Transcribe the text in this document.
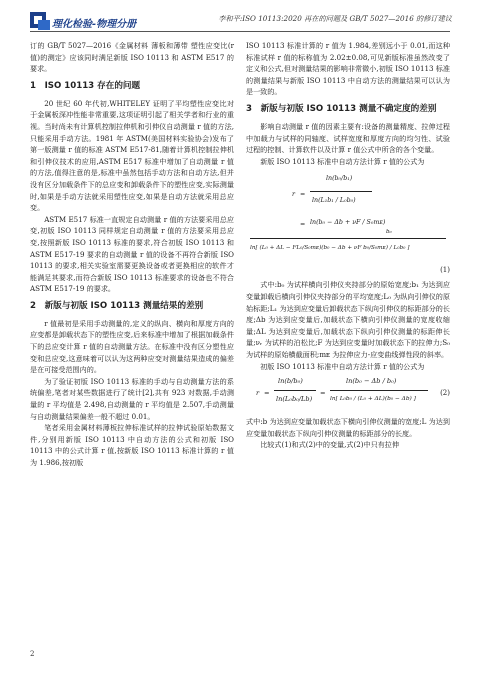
理化检验-物理分册
李和平:ISO 10113:2020 再在的问题及 GB/T 5027—2016 的修订建议

订的 GB/T 5027—2016《金属材料 薄板和薄带 塑性应变比(r 值)的测定》应该同时满足新版 ISO 10113 和 ASTM E517 的要求。

1　ISO 10113 存在的问题

20 世纪 60 年代初,WHITELEY 证明了平均塑性应变比对于金属板深冲性能非常重要,这项证明引起了相关学者和行业的重视。当时尚未有计算机控制拉伸机和引伸仪自动测量 r 值的方法,只能采用手动方法。1981 年 ASTM(美国材料实验协会)发布了第一版测量 r 值的标准 ASTM E517-81,随着计算机控制拉伸机和引伸仪技术的应用,ASTM E517 标准中增加了自动测量 r 值的方法,值得注意的是,标准中虽然包括手动方法和自动方法,但并没有区分加载条件下的总应变和卸载条件下的塑性应变,实际测量时,如果是手动方法就采用塑性应变,如果是自动方法就采用总应变。

ASTM E517 标准一直规定自动测量 r 值的方法要采用总应变,初版 ISO 10113 同样规定自动测量 r 值的方法要采用总应变,按照新版 ISO 10113 标准的要求,符合初版 ISO 10113 和 ASTM E517-19 要求的自动测量 r 值的设备不再符合新版 ISO 10113 的要求,相关实验室需要更换设备或者更换相应的软件才能满足其要求,而符合新版 ISO 10113 标准要求的设备也不符合 ASTM E517-19 的要求。

2　新版与初版 ISO 10113 测量结果的差别

r 值最初是采用手动测量的,定义的纵向、横向和厚度方向的应变都是卸载状态下的塑性应变,后来标准中增加了根据加载条件下的总应变计算 r 值的自动测量方法。在标准中没有区分塑性应变和总应变,这意味着可以认为这两种应变对测量结果造成的偏差是在可接受范围内的。

为了验证初版 ISO 10113 标准的手动与自动测量方法的系统偏差,笔者对某些数据进行了统计[2],共有 923 对数据,手动测量的 r 平均值是 2.498,自动测量的 r 平均值是 2.507,手动测量与自动测量结果偏差一般不超过 0.01。

笔者采用金属材料薄板拉伸标准试样的拉伸试验原始数据文件,分别用新版 ISO 10113 中自动方法的公式和初版 ISO 10113 中的公式计算 r 值,按新版 ISO 10113 标准计算的 r 值为 1.986,按初版

ISO 10113 标准计算的 r 值为 1.984,差别远小于 0.01,而这种标准试样 r 值的标称值为 2.02±0.08,可见新版标准虽然改变了定义和公式,但对测量结果的影响非常微小,初版 ISO 10113 标准的测量结果与新版 ISO 10113 中自动方法的测量结果可以认为是一致的。

3　新版与初版 ISO 10113 测量不确定度的差别

影响自动测量 r 值的因素主要有:设备的测量精度、拉伸过程中加载力与试样的同轴度、试样宽度和厚度方向的均匀性、试验过程的控制、计算软件以及计算 r 值公式中所含的各个变量。

新版 ISO 10113 标准中自动方法计算 r 值的公式为

r =
ln(b₀/b₁)
ln(L₁b₁ / L₀b₀)
= ln(b₀ − Δb + νF / S₀mᴇ)
b₀
ln[ (L₀ + ΔL − FL₀/S₀mᴇ)(b₀ − Δb + νF b₀/S₀mᴇ) / L₀b₀ ]
(1)

式中:b₀ 为试样横向引伸仪夹持部分的原始宽度;b₁ 为达到应变量卸载后横向引伸仪夹持部分的平均宽度;L₀ 为纵向引伸仪的原始标距;L₁ 为达到应变量后卸载状态下纵向引伸仪的标距部分的长度;Δb 为达到应变量后,加载状态下横向引伸仪测量的宽度收缩量;ΔL 为达到应变量后,加载状态下纵向引伸仪测量的标距伸长量;νᵣ 为试样的泊松比;F 为达到应变量时加载状态下的拉伸力;S₀ 为试样的原始横截面积;mᴇ 为拉伸应力-应变曲线弹性段的斜率。

初版 ISO 10113 标准中自动方法计算 r 值的公式为

r =
ln(b/b₀)
ln(L₀b₀/Lb)
=
ln(b₀ − Δb / b₀)
ln[ L₀b₀ / (L₀ + ΔL)(b₀ − Δb) ]
(2)

式中:b 为达到应变量加载状态下横向引伸仪测量的宽度;L 为达到应变量加载状态下纵向引伸仪测量的标距部分的长度。

比较式(1)和式(2)中的变量,式(2)中只有拉伸

2
